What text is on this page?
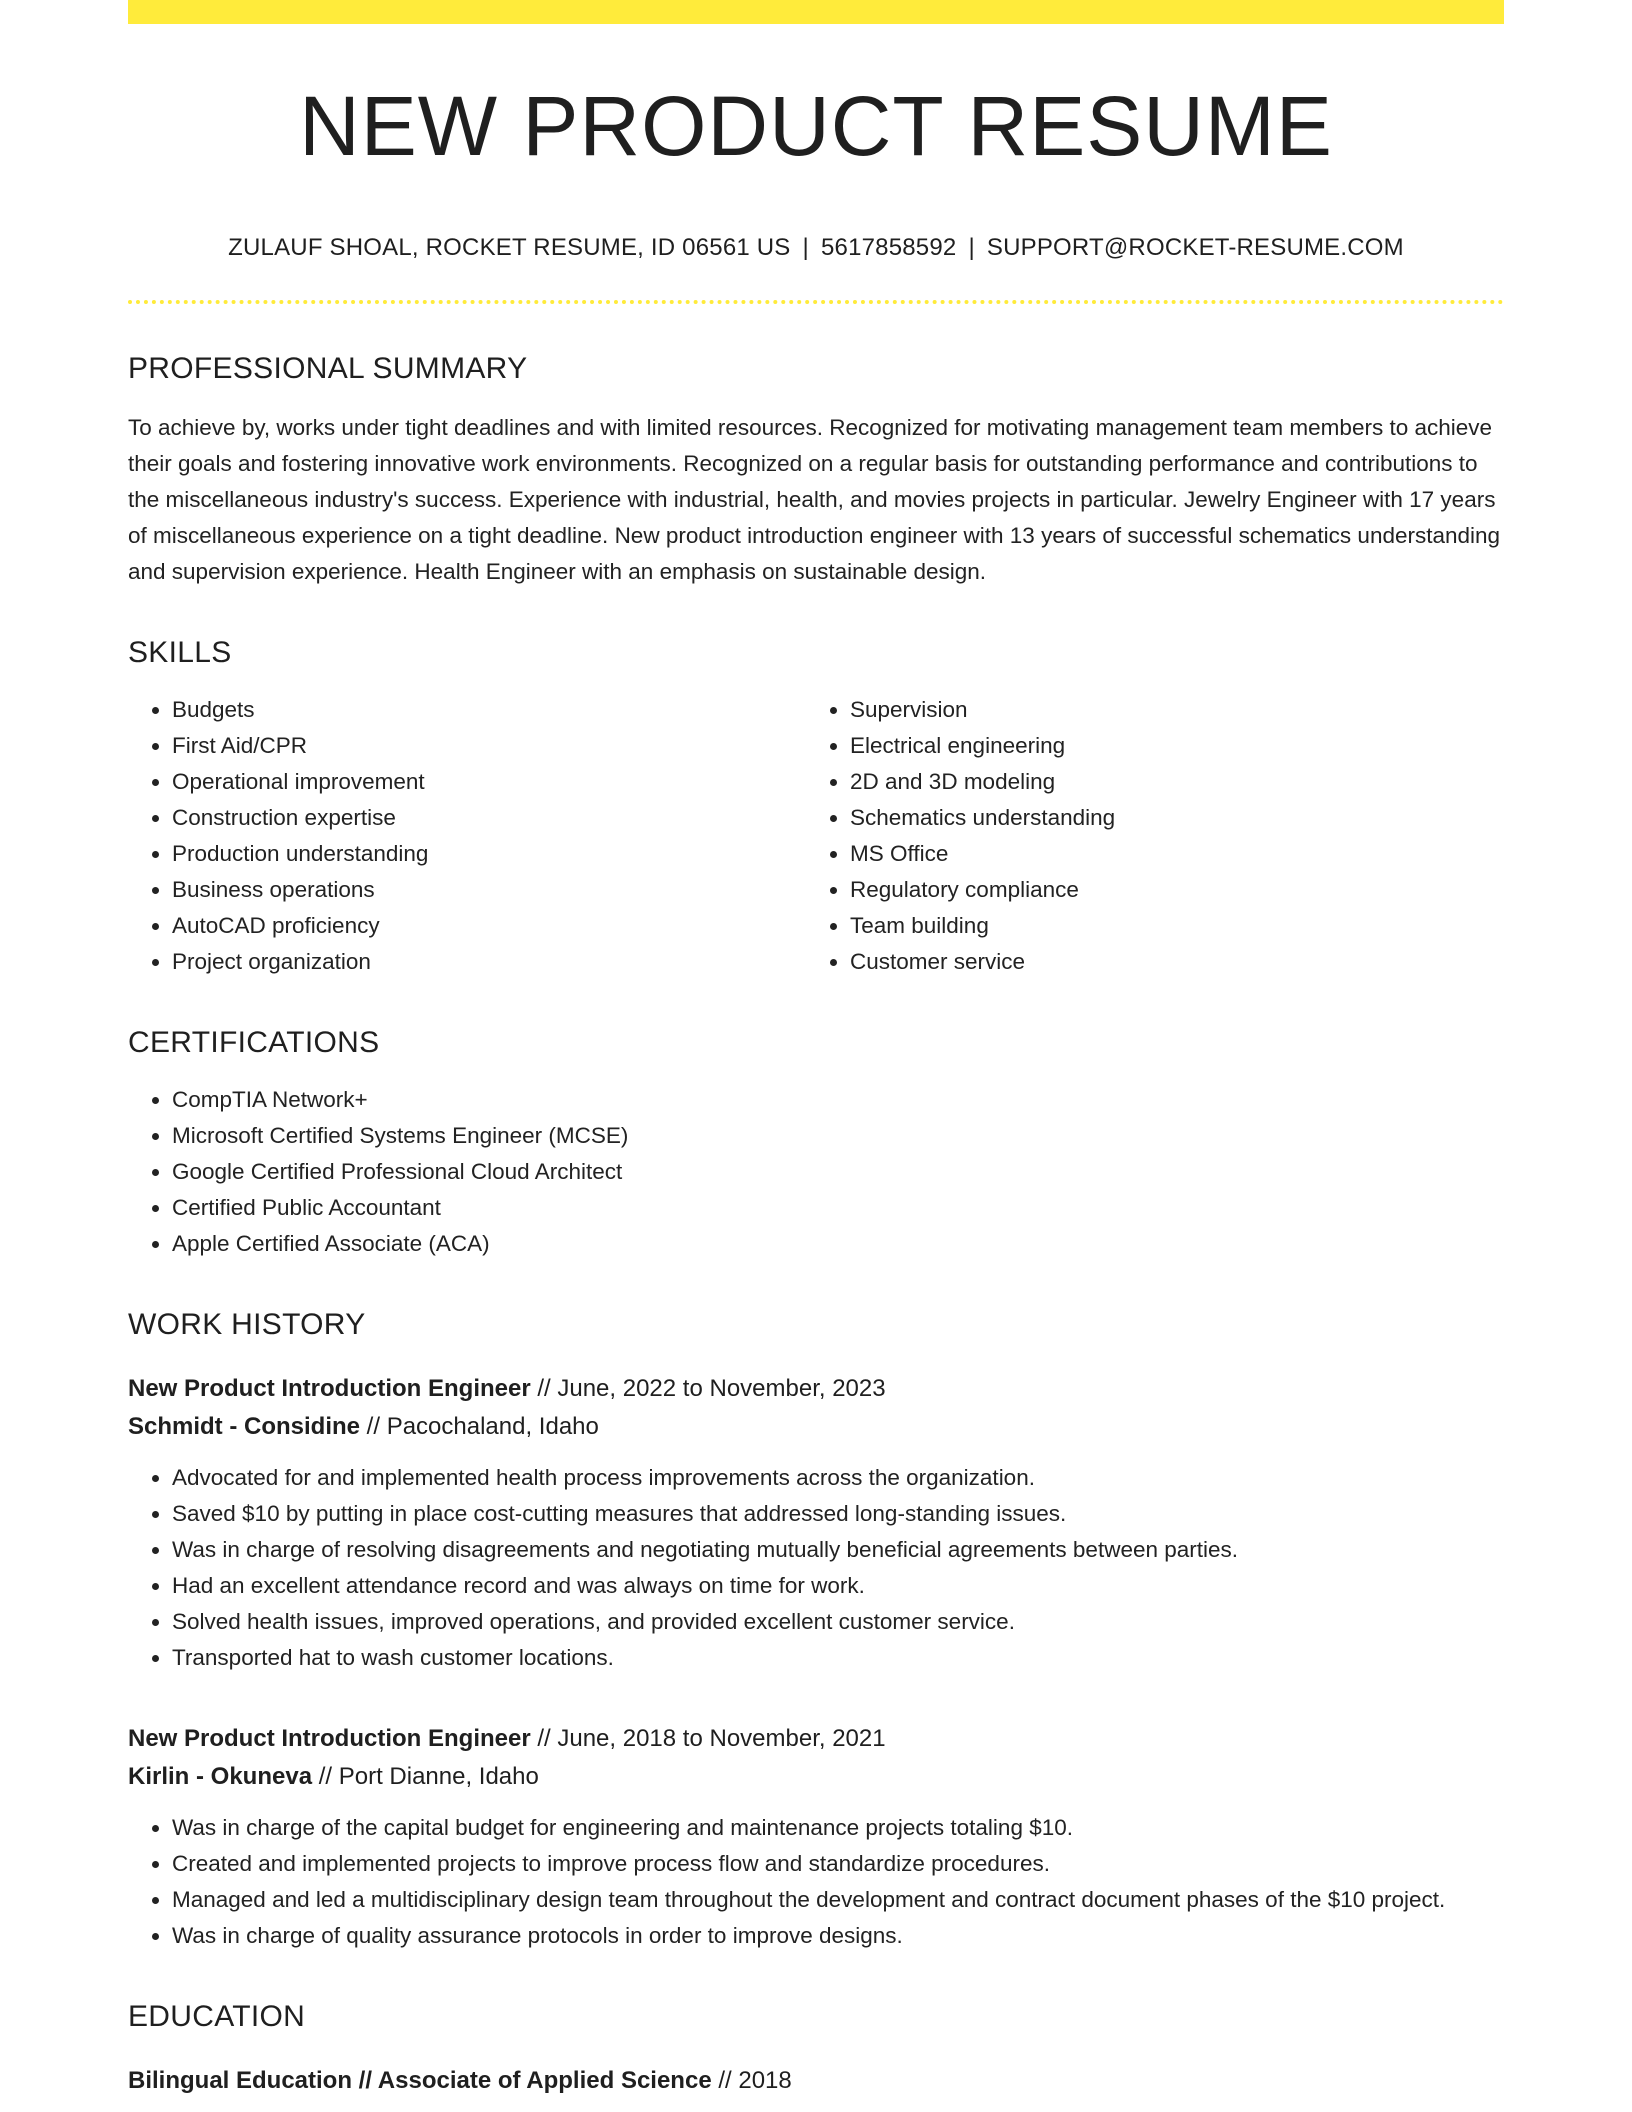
NEW PRODUCT RESUME
ZULAUF SHOAL, ROCKET RESUME, ID 06561 US | 5617858592 | SUPPORT@ROCKET-RESUME.COM
PROFESSIONAL SUMMARY

To achieve by, works under tight deadlines and with limited resources. Recognized for motivating management team members to achieve their goals and fostering innovative work environments. Recognized on a regular basis for outstanding performance and contributions to the miscellaneous industry's success. Experience with industrial, health, and movies projects in particular. Jewelry Engineer with 17 years of miscellaneous experience on a tight deadline. New product introduction engineer with 13 years of successful schematics understanding and supervision experience. Health Engineer with an emphasis on sustainable design.

SKILLS
• Budgets
• First Aid/CPR
• Operational improvement
• Construction expertise
• Production understanding
• Business operations
• AutoCAD proficiency
• Project organization
• Supervision
• Electrical engineering
• 2D and 3D modeling
• Schematics understanding
• MS Office
• Regulatory compliance
• Team building
• Customer service
CERTIFICATIONS
• CompTIA Network+
• Microsoft Certified Systems Engineer (MCSE)
• Google Certified Professional Cloud Architect
• Certified Public Accountant
• Apple Certified Associate (ACA)
WORK HISTORY
New Product Introduction Engineer // June, 2022 to November, 2023
Schmidt - Considine // Pacochaland, Idaho
• Advocated for and implemented health process improvements across the organization.
• Saved $10 by putting in place cost-cutting measures that addressed long-standing issues.
• Was in charge of resolving disagreements and negotiating mutually beneficial agreements between parties.
• Had an excellent attendance record and was always on time for work.
• Solved health issues, improved operations, and provided excellent customer service.
• Transported hat to wash customer locations.
New Product Introduction Engineer // June, 2018 to November, 2021
Kirlin - Okuneva // Port Dianne, Idaho
• Was in charge of the capital budget for engineering and maintenance projects totaling $10.
• Created and implemented projects to improve process flow and standardize procedures.
• Managed and led a multidisciplinary design team throughout the development and contract document phases of the $10 project.
• Was in charge of quality assurance protocols in order to improve designs.
EDUCATION
Bilingual Education // Associate of Applied Science // 2018
